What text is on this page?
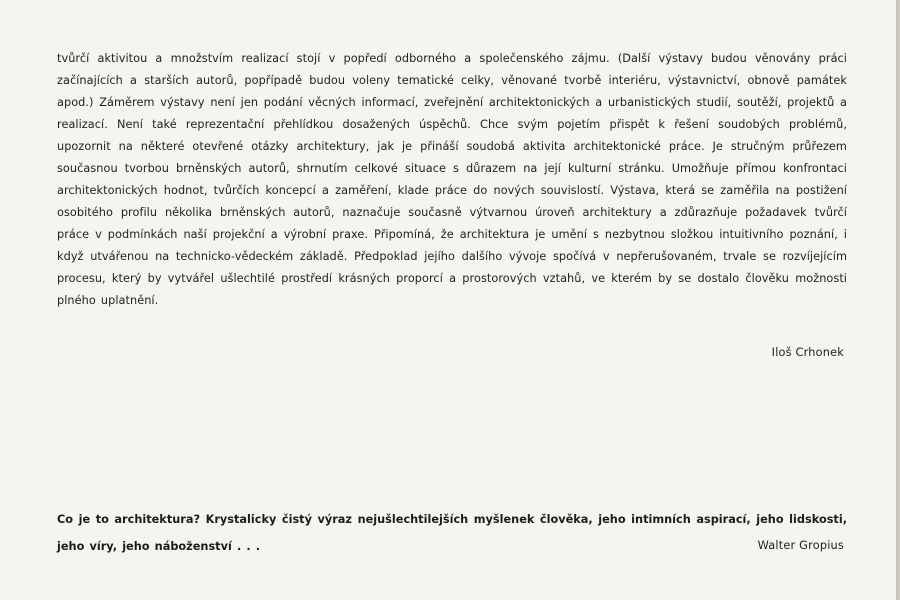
tvůrčí aktivitou a množstvím realizací stojí v popředí odborného a společenského zájmu. (Další výstavy budou věnovány práci začínajících a starších autorů, popřípadě budou voleny tematické celky, věnované tvorbě interiéru, výstavnictví, obnově památek apod.) Záměrem výstavy není jen podání věcných informací, zveřejnění architektonických a urbanistických studií, soutěží, projektů a realizací. Není také reprezentační přehlídkou dosažených úspěchů. Chce svým pojetím přispět k řešení soudobých problémů, upozornit na některé otevřené otázky architektury, jak je přináší soudobá aktivita architektonické práce. Je stručným průřezem současnou tvorbou brněnských autorů, shrnutím celkové situace s důrazem na její kulturní stránku. Umožňuje přímou konfrontaci architektonických hodnot, tvůrčích koncepcí a zaměření, klade práce do nových souvislostí. Výstava, která se zaměřila na postižení osobitého profilu několika brněnských autorů, naznačuje současně výtvarnou úroveň architektury a zdůrazňuje požadavek tvůrčí práce v podmínkách naší projekční a výrobní praxe. Připomíná, že architektura je umění s nezbytnou složkou intuitivního poznání, i když utvářenou na technicko-vědeckém základě. Předpoklad jejího dalšího vývoje spočívá v nepřerušovaném, trvale se rozvíjejícím procesu, který by vytvářel ušlechtilé prostředí krásných proporcí a prostorových vztahů, ve kterém by se dostalo člověku možnosti plného uplatnění.

Iloš Crhonek

Co je to architektura? Krystalicky čistý výraz nejušlechtilejších myšlenek člověka, jeho intimních aspirací, jeho lidskosti, jeho víry, jeho náboženství . . .	Walter Gropius
